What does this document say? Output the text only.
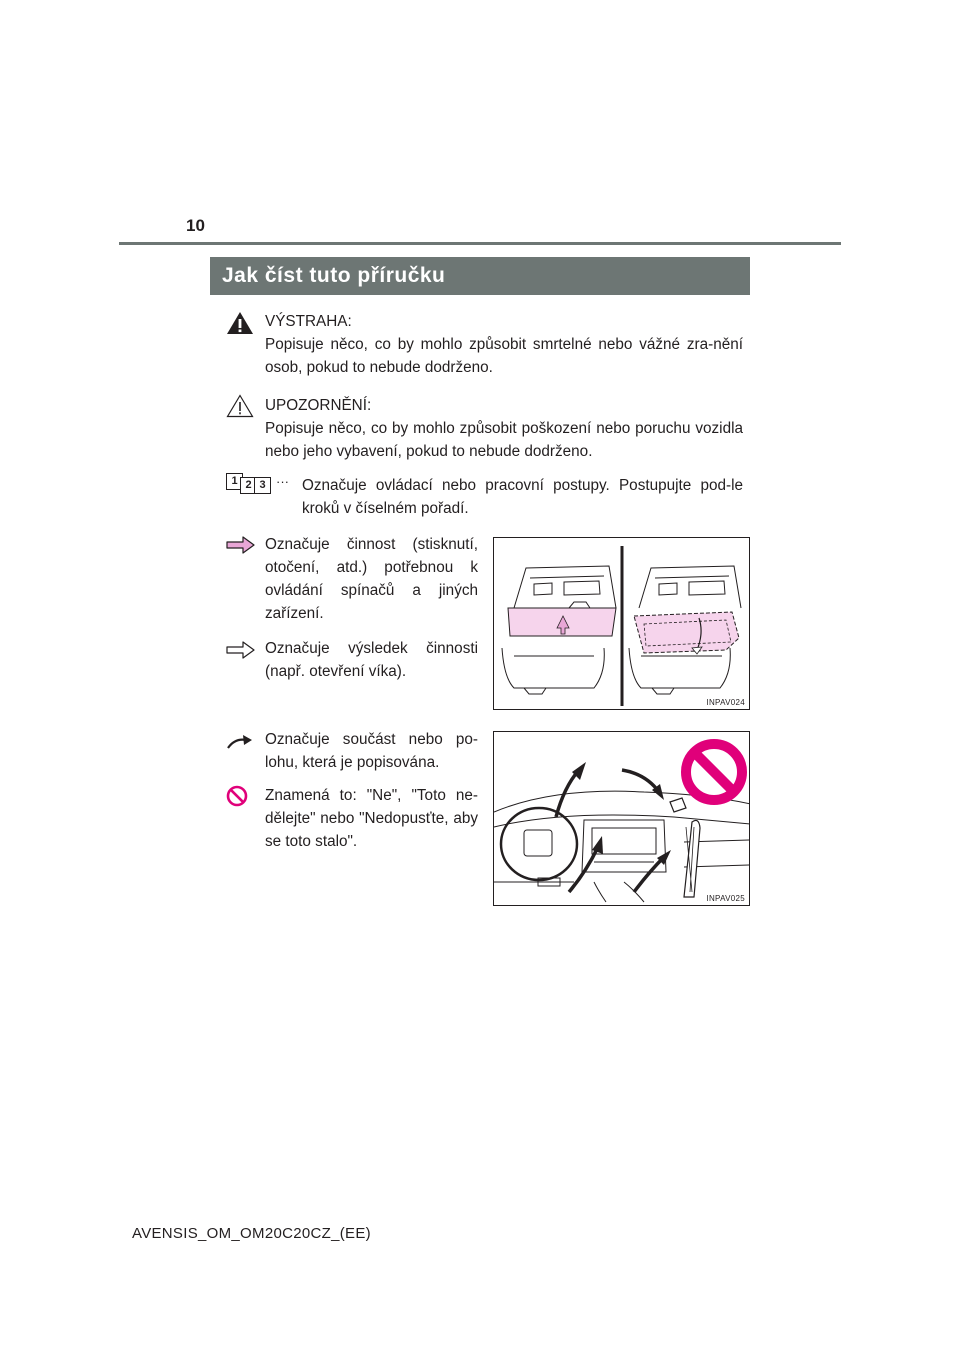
10
Jak číst tuto příručku

VÝSTRAHA:

Popisuje něco, co by mohlo způsobit smrtelné nebo vážné zra-nění osob, pokud to nebude dodrženo.

UPOZORNĚNÍ:

Popisuje něco, co by mohlo způsobit poškození nebo poruchu vozidla nebo jeho vybavení, pokud to nebude dodrženo.

1 2 3 ··· Označuje ovládací nebo pracovní postupy. Postupujte pod-le kroků v číselném pořadí.
Označuje činnost (stisknutí, otočení, atd.) potřebnou k ovládání spínačů a jiných zařízení.
Označuje výsledek činnosti (např. otevření víka).
Označuje součást nebo po-lohu, která je popisována.
Znamená to: "Ne", "Toto ne-dělejte" nebo "Nedopusťte, aby se toto stalo".
INPAV024
INPAV025
AVENSIS_OM_OM20C20CZ_(EE)
